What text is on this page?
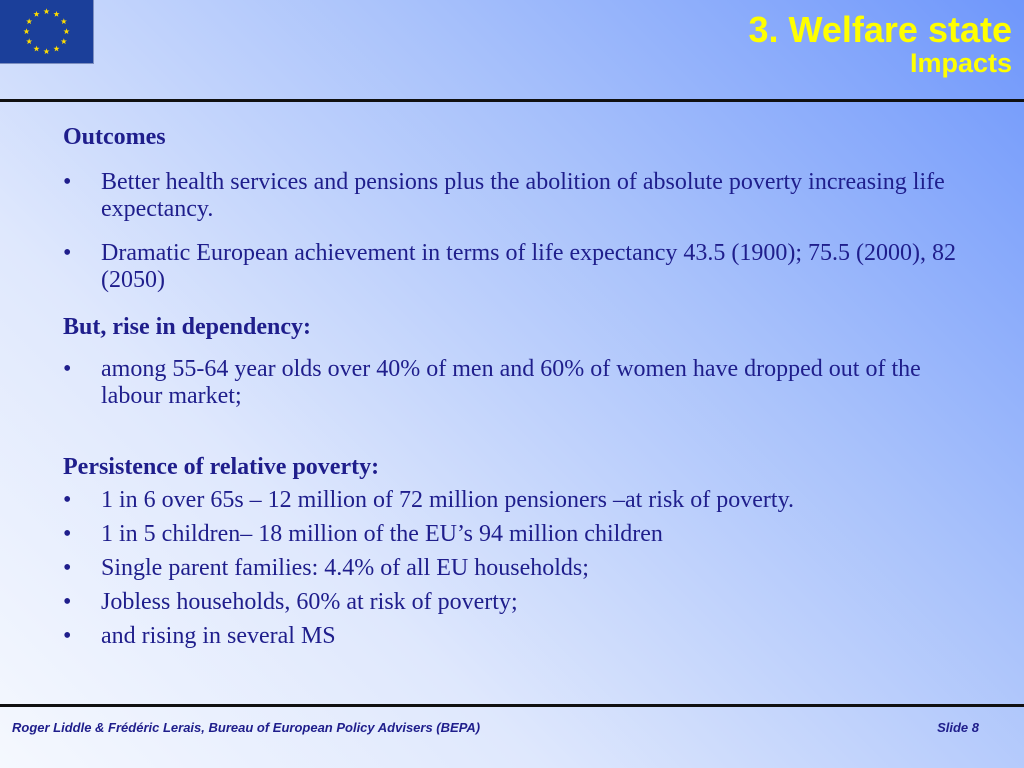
3. Welfare state
Impacts
Outcomes
• Better health services and pensions plus the abolition of absolute poverty increasing life expectancy.
• Dramatic European achievement in terms of life expectancy 43.5 (1900); 75.5 (2000), 82 (2050)
But, rise in dependency:
• among 55-64 year olds over 40% of men and 60% of women have dropped out of the labour market;
Persistence of relative poverty:
• 1 in 6 over 65s – 12 million of 72 million pensioners –at risk of poverty.
• 1 in 5 children– 18 million of the EU’s 94 million children
• Single parent families: 4.4% of all EU households;
• Jobless households, 60% at risk of poverty;
• and rising in several MS
Roger Liddle & Frédéric Lerais, Bureau of European Policy Advisers (BEPA)	Slide 8
